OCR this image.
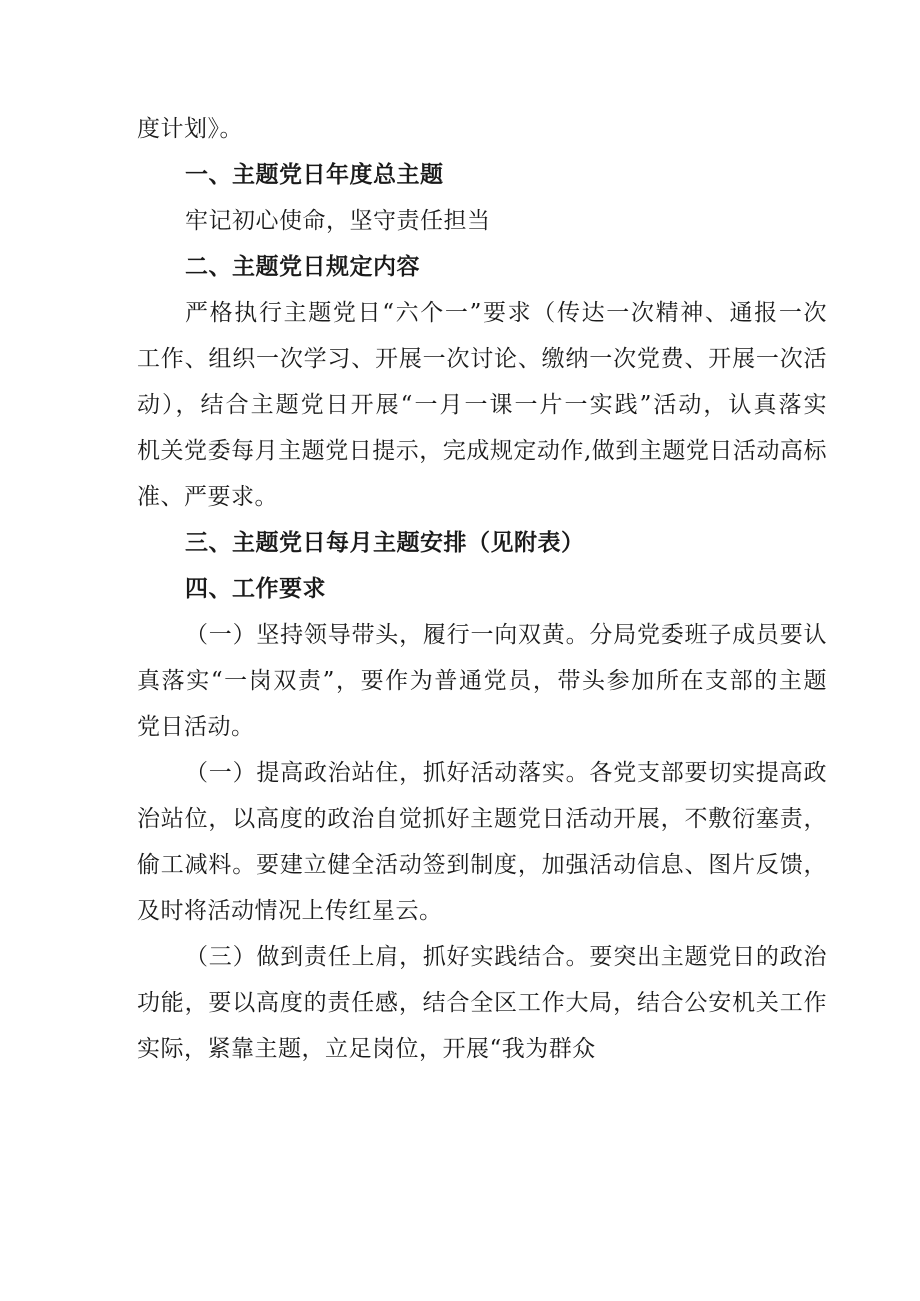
度计划》。
一、主题党日年度总主题
牢记初心使命，坚守责任担当
二、主题党日规定内容
严格执行主题党日“六个一”要求（传达一次精神、通报一次
工作、组织一次学习、开展一次讨论、缴纳一次党费、开展一次活
动），结合主题党日开展“一月一课一片一实践”活动，认真落实
机关党委每月主题党日提示，完成规定动作,做到主题党日活动高标
准、严要求。
三、主题党日每月主题安排（见附表）
四、工作要求
（一）坚持领导带头，履行一向双黄。分局党委班子成员要认
真落实“一岗双责”，要作为普通党员，带头参加所在支部的主题
党日活动。
（一）提高政治站住，抓好活动落实。各党支部要切实提高政
治站位，以高度的政治自觉抓好主题党日活动开展，不敷衍塞责，
偷工减料。要建立健全活动签到制度，加强活动信息、图片反馈，
及时将活动情况上传红星云。
（三）做到责任上肩，抓好实践结合。要突出主题党日的政治
功能，要以高度的责任感，结合全区工作大局，结合公安机关工作
实际，紧靠主题，立足岗位，开展“我为群众
